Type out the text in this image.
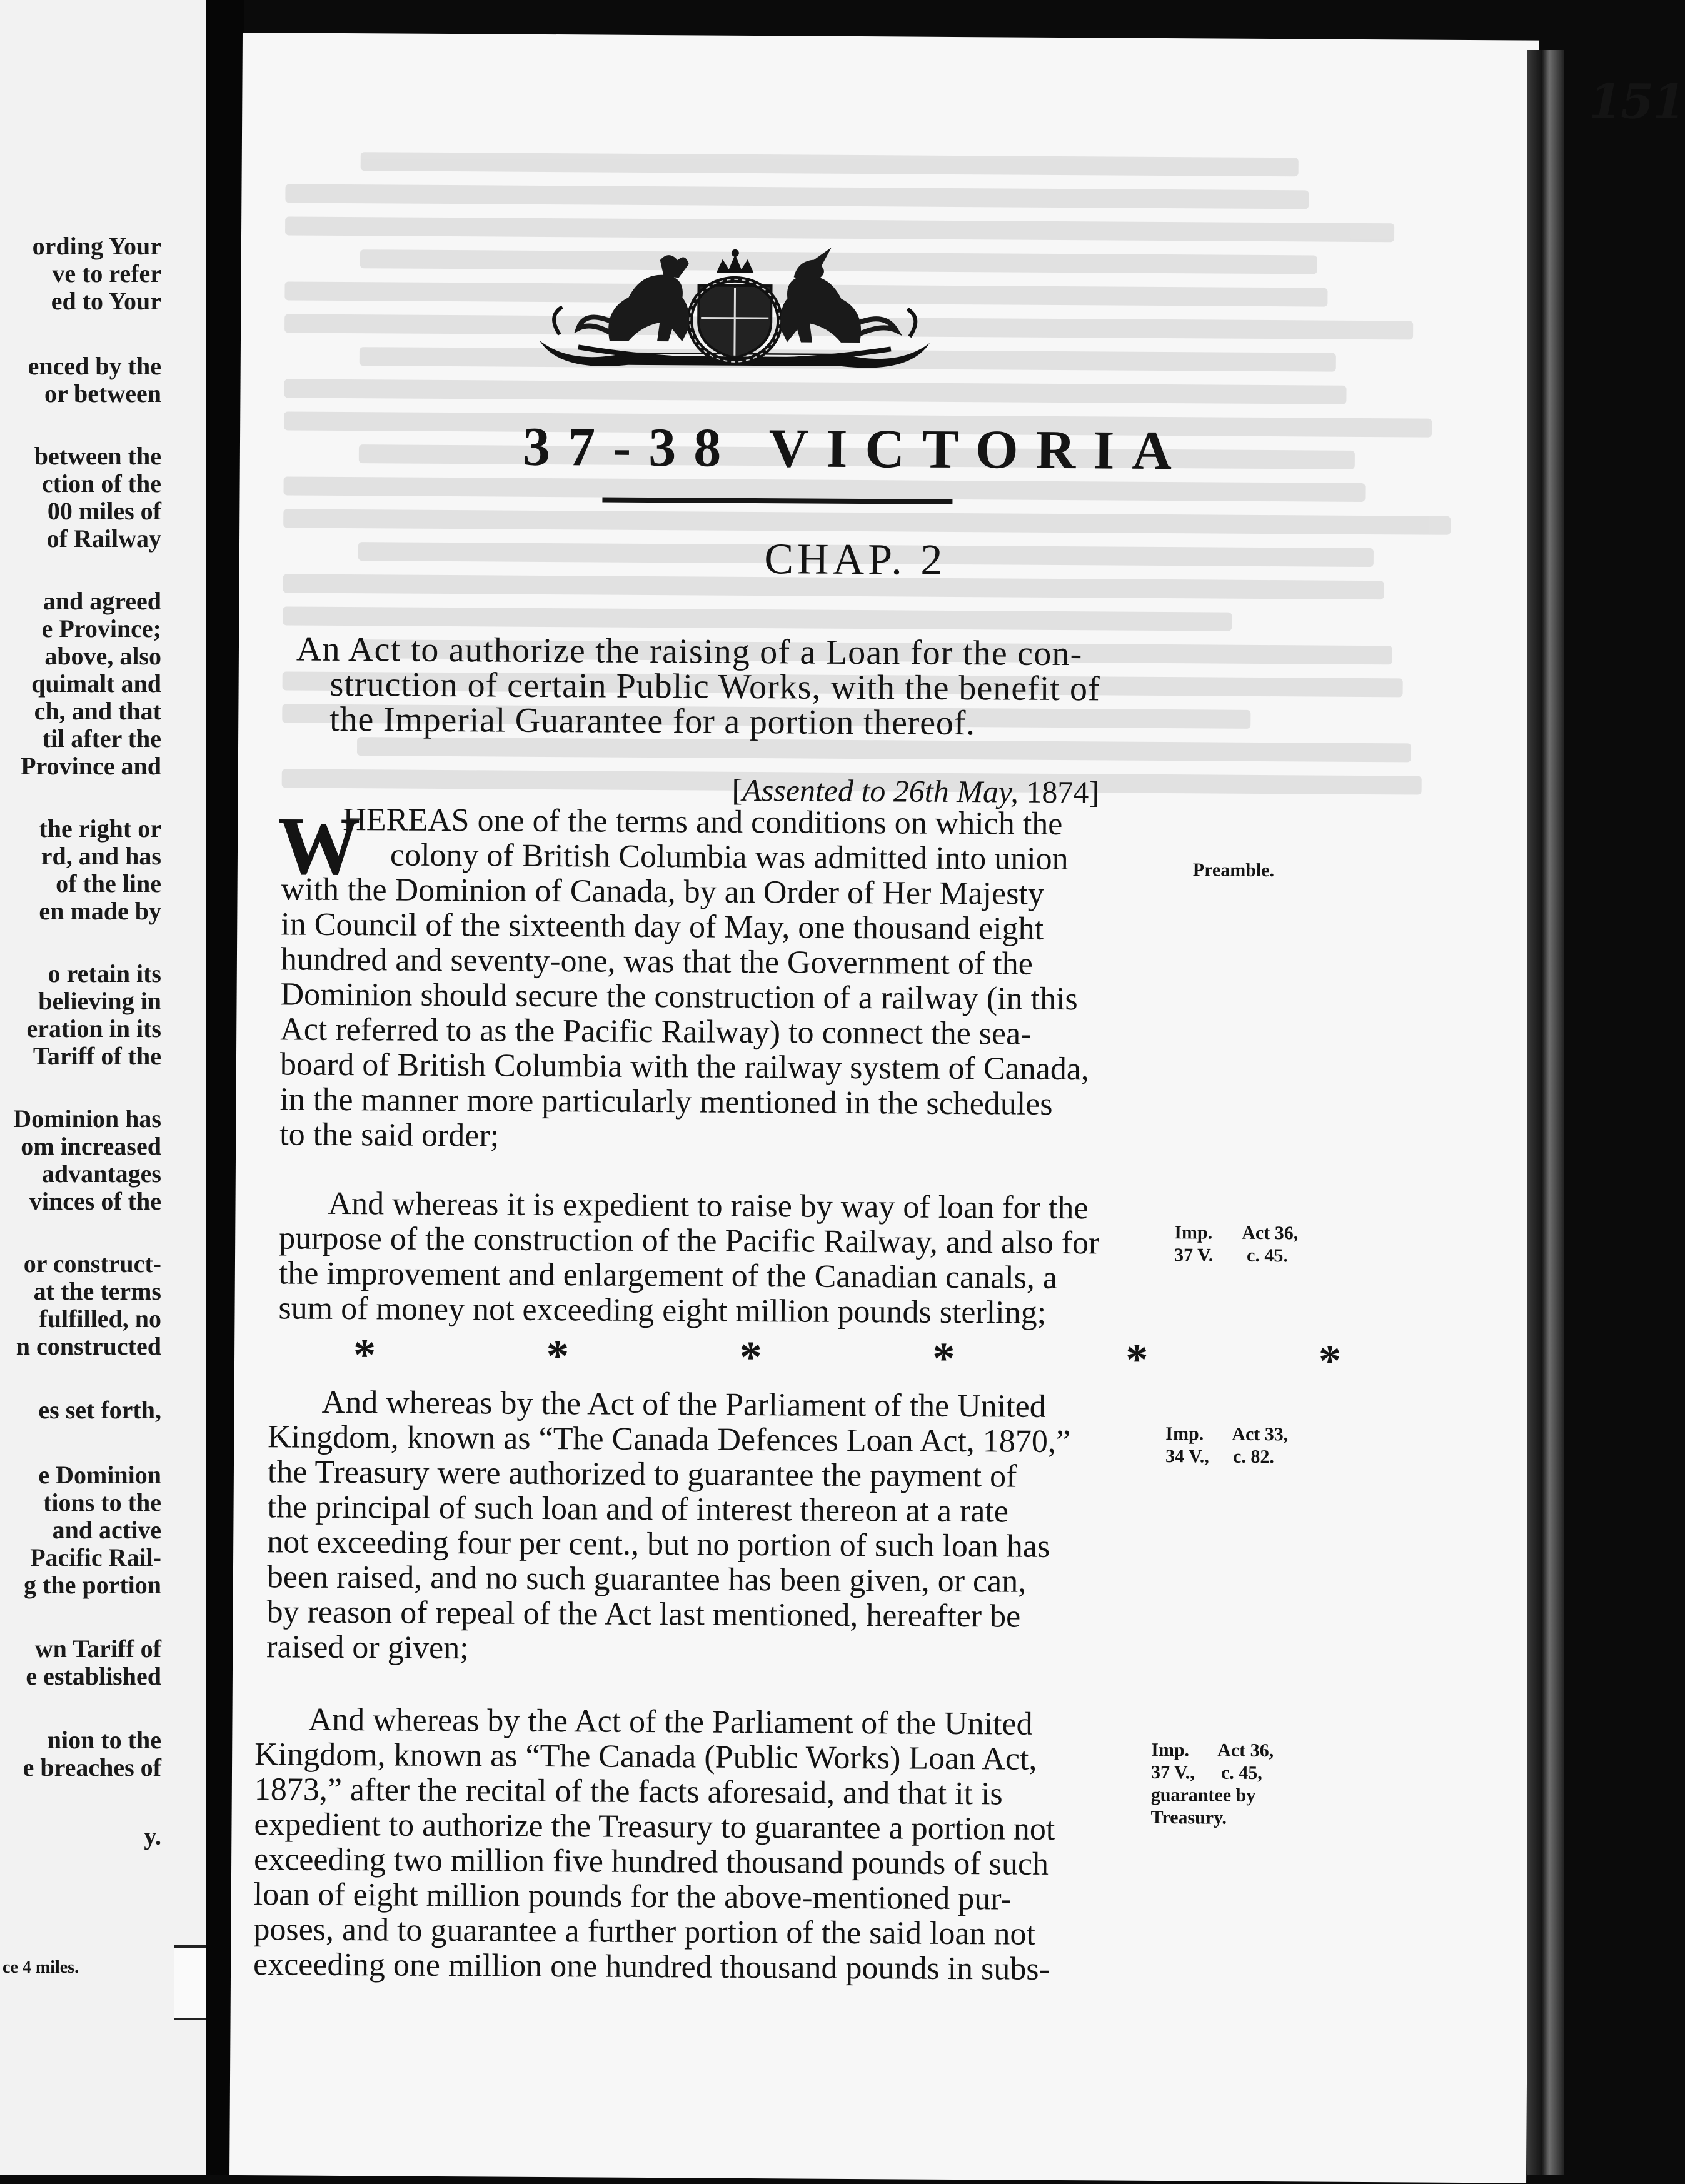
ording Your
ve to refer
ed to Your
enced by the
or between
between the
ction of the
00 miles of
of Railway
and agreed
e Province;
above, also
quimalt and
ch, and that
til after the
Province and
the right or
rd, and has
of the line
en made by
o retain its
believing in
eration in its
Tariff of the
Dominion has
om increased
advantages
vinces of the
or construct-
at the terms
fulfilled, no
n constructed
es set forth,
e Dominion
tions to the
and active
Pacific Rail-
g the portion
wn Tariff of
e established
nion to the
e breaches of
y.
ce 4 miles.
151
37-38 VICTORIA
CHAP. 2
An Act to authorize the raising of a Loan for the con-
struction of certain Public Works, with the benefit of
the Imperial Guarantee for a portion thereof.
[Assented to 26th May, 1874]
W
HEREAS one of the terms and conditions on which the
colony of British Columbia was admitted into union
with the Dominion of Canada, by an Order of Her Majesty
in Council of the sixteenth day of May, one thousand eight
hundred and seventy-one, was that the Government of the
Dominion should secure the construction of a railway (in this
Act referred to as the Pacific Railway) to connect the sea-
board of British Columbia with the railway system of Canada,
in the manner more particularly mentioned in the schedules
to the said order;
Preamble.
And whereas it is expedient to raise by way of loan for the
purpose of the construction of the Pacific Railway, and also for
the improvement and enlargement of the Canadian canals, a
sum of money not exceeding eight million pounds sterling;
Imp.
37 V.
Act 36,
c. 45.
*	*	*	*	*	*
And whereas by the Act of the Parliament of the United
Kingdom, known as “The Canada Defences Loan Act, 1870,”
the Treasury were authorized to guarantee the payment of
the principal of such loan and of interest thereon at a rate
not exceeding four per cent., but no portion of such loan has
been raised, and no such guarantee has been given, or can,
by reason of repeal of the Act last mentioned, hereafter be
raised or given;
Imp.
34 V.,
Act 33,
c. 82.
And whereas by the Act of the Parliament of the United
Kingdom, known as “The Canada (Public Works) Loan Act,
1873,” after the recital of the facts aforesaid, and that it is
expedient to authorize the Treasury to guarantee a portion not
exceeding two million five hundred thousand pounds of such
loan of eight million pounds for the above-mentioned pur-
poses, and to guarantee a further portion of the said loan not
exceeding one million one hundred thousand pounds in subs-
Imp.
37 V.,
Act 36,
c. 45,
guarantee by
Treasury.
